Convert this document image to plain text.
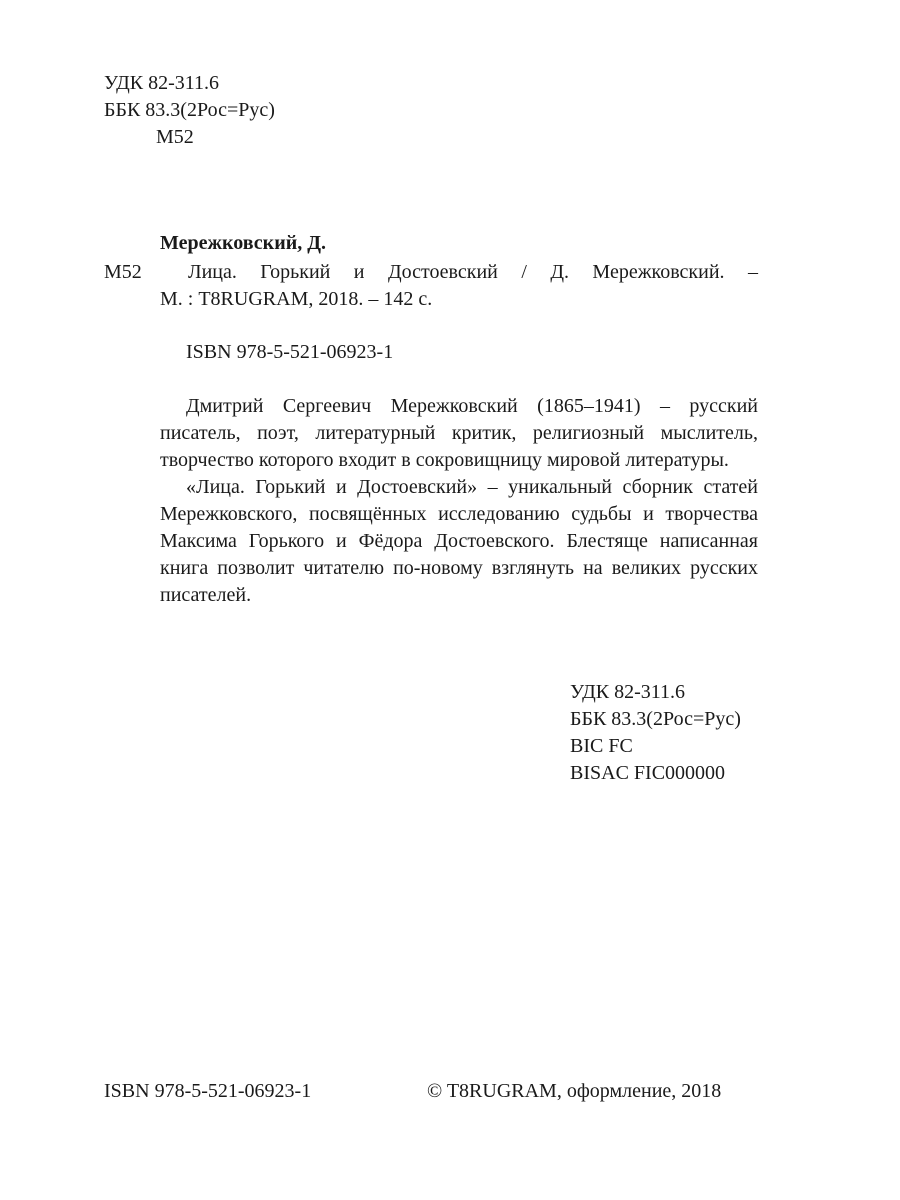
УДК 82-311.6
ББК 83.3(2Рос=Рус)
М52
Мережковский, Д.
М52	Лица. Горький и Достоевский / Д. Мережковский. –
М. : T8RUGRAM, 2018. – 142 с.
ISBN 978-5-521-06923-1

Дмитрий Сергеевич Мережковский (1865–1941) – русский писатель, поэт, литературный критик, религиозный мыслитель, творчество которого входит в сокровищницу мировой литературы.

«Лица. Горький и Достоевский» – уникальный сборник статей Мережковского, посвящённых исследованию судьбы и творчества Максима Горького и Фёдора Достоевского. Блестяще написанная книга позволит читателю по-новому взглянуть на великих русских писателей.

УДК 82-311.6
ББК 83.3(2Рос=Рус)
BIC FC
BISAC FIC000000
ISBN 978-5-521-06923-1	© T8RUGRAM, оформление, 2018
